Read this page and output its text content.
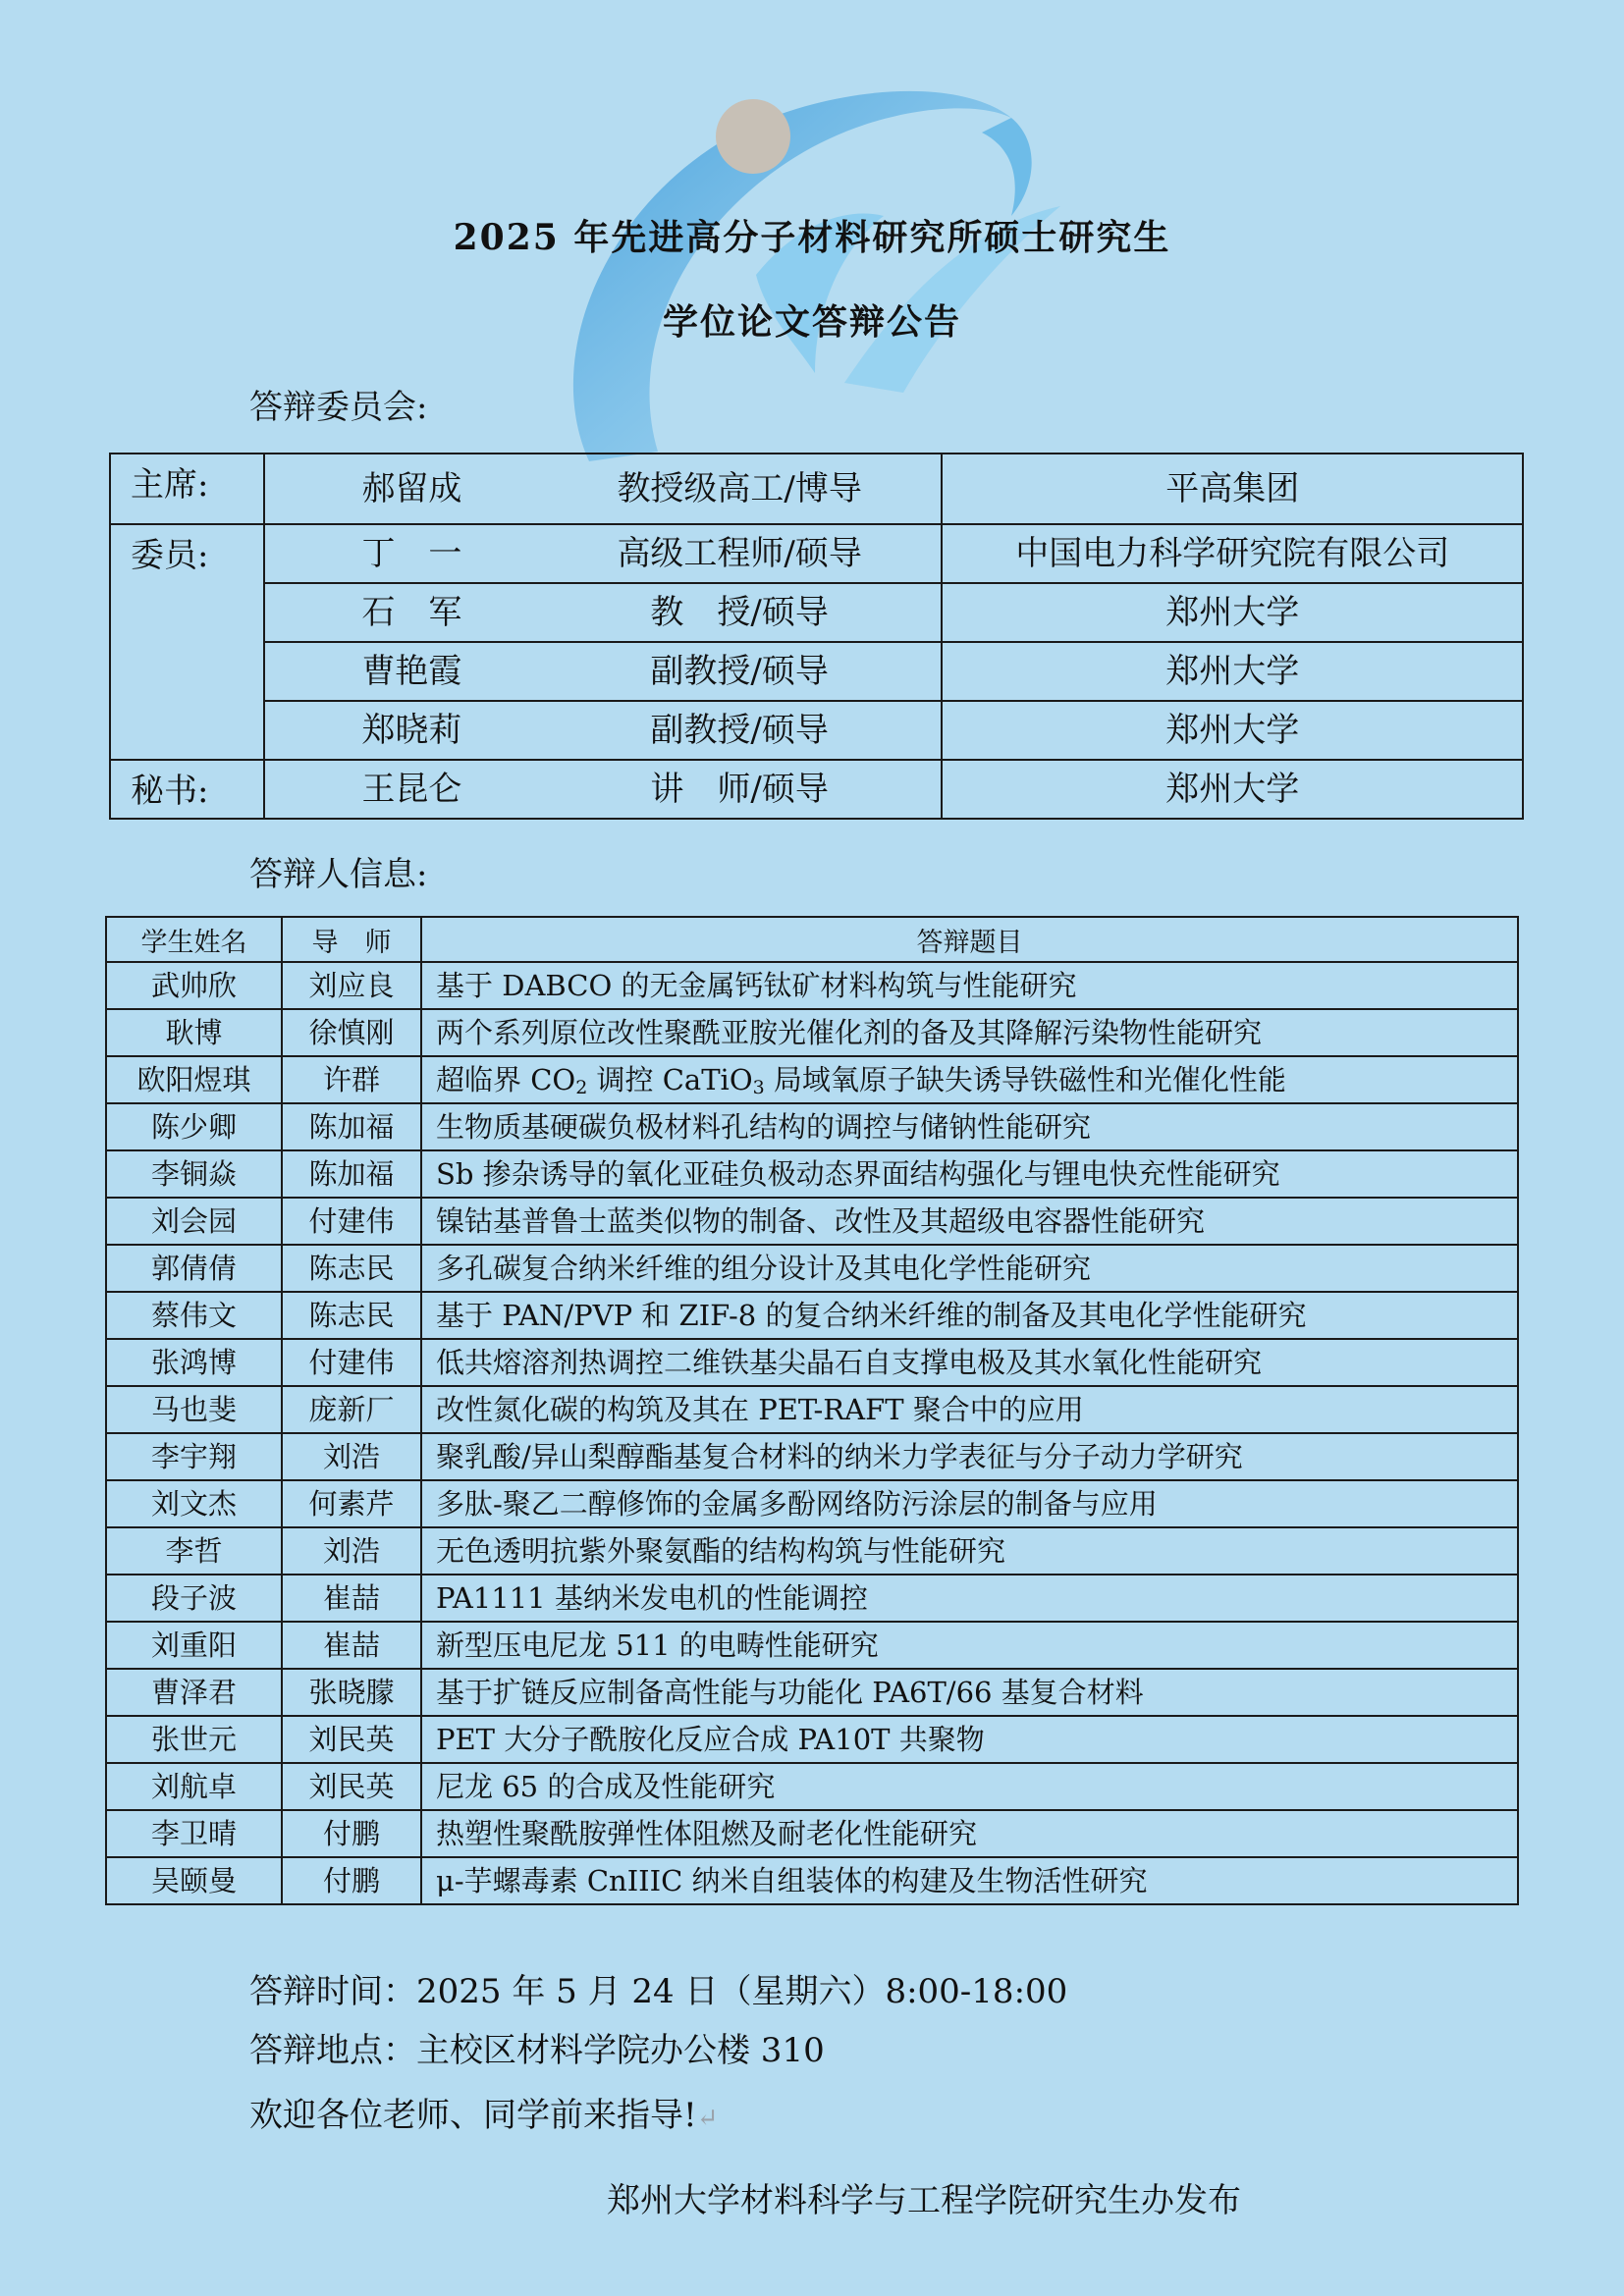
2025 年先进高分子材料研究所硕士研究生
学位论文答辩公告
答辩委员会:
主席:	郝留成 教授级高工/博导	平高集团
委员:	丁　一 高级工程师/硕导	中国电力科学研究院有限公司
	石　军 　教　授/硕导	郑州大学
	曹艳霞 　副教授/硕导	郑州大学
	郑晓莉 　副教授/硕导	郑州大学
秘书:	王昆仑 　讲　师/硕导	郑州大学
答辩人信息:
学生姓名	导　师	答辩题目
武帅欣	刘应良	基于 DABCO 的无金属钙钛矿材料构筑与性能研究
耿博	徐慎刚	两个系列原位改性聚酰亚胺光催化剂的备及其降解污染物性能研究
欧阳煜琪	许群	超临界 $CO_2$ 调控 CaTiO$_3$ 局域氧原子缺失诱导铁磁性和光催化性能
陈少卿	陈加福	生物质基硬碳负极材料孔结构的调控与储钠性能研究
李铜焱	陈加福	Sb 掺杂诱导的氧化亚硅负极动态界面结构强化与锂电快充性能研究
刘会园	付建伟	镍钴基普鲁士蓝类似物的制备、改性及其超级电容器性能研究
郭倩倩	陈志民	多孔碳复合纳米纤维的组分设计及其电化学性能研究
蔡伟文	陈志民	基于 PAN/PVP 和 ZIF-8 的复合纳米纤维的制备及其电化学性能研究
张鸿博	付建伟	低共熔溶剂热调控二维铁基尖晶石自支撑电极及其水氧化性能研究
马也斐	庞新厂	改性氮化碳的构筑及其在 PET-RAFT 聚合中的应用
李宇翔	刘浩	聚乳酸/异山梨醇酯基复合材料的纳米力学表征与分子动力学研究
刘文杰	何素芹	多肽-聚乙二醇修饰的金属多酚网络防污涂层的制备与应用
李哲	刘浩	无色透明抗紫外聚氨酯的结构构筑与性能研究
段子波	崔喆	PA1111 基纳米发电机的性能调控
刘重阳	崔喆	新型压电尼龙 511 的电畴性能研究
曹泽君	张晓朦	基于扩链反应制备高性能与功能化 PA6T/66 基复合材料
张世元	刘民英	PET 大分子酰胺化反应合成 PA10T 共聚物
刘航卓	刘民英	尼龙 65 的合成及性能研究
李卫晴	付鹏	热塑性聚酰胺弹性体阻燃及耐老化性能研究
吴颐曼	付鹏	μ-芋螺毒素 CnIIIC 纳米自组装体的构建及生物活性研究
答辩时间：2025 年 5 月 24 日（星期六）8:00-18:00
答辩地点：主校区材料学院办公楼 310
欢迎各位老师、同学前来指导!↵
郑州大学材料科学与工程学院研究生办发布
